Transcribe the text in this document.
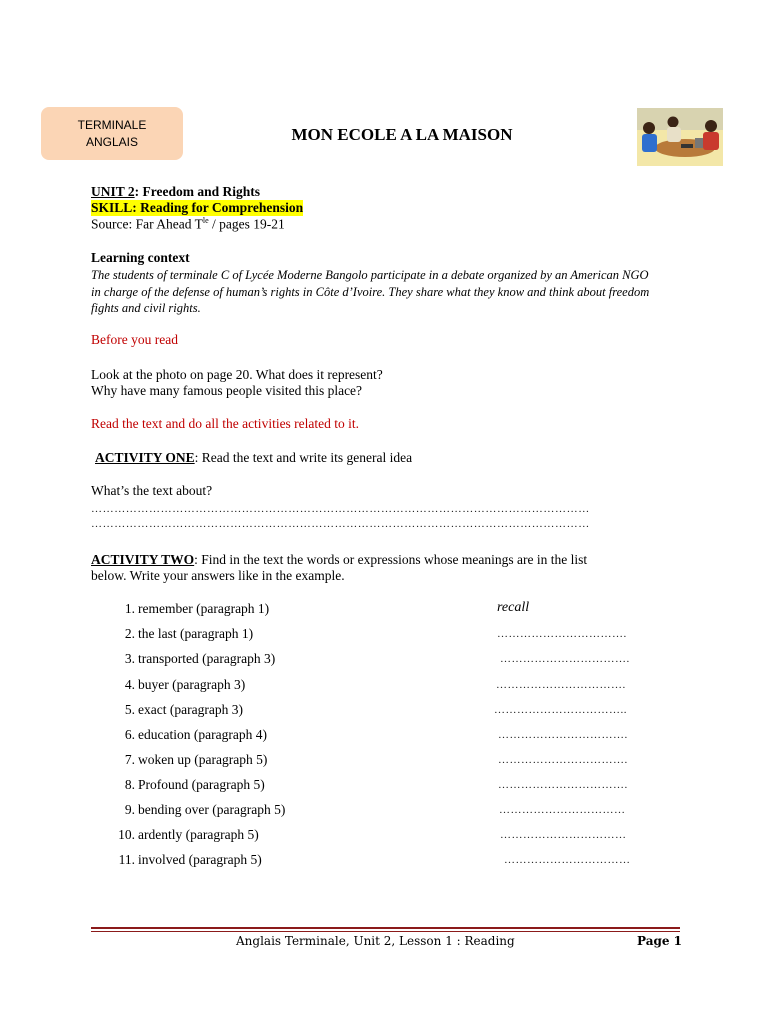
TERMINALE
ANGLAIS	MON ECOLE A LA MAISON
UNIT 2: Freedom and Rights
SKILL: Reading for Comprehension
Source: Far Ahead $T^{le}$ / pages 19-21
Learning context
The students of terminale C of Lycée Moderne Bangolo participate in a debate organized by an American NGO in charge of the defense of human’s rights in Côte d’Ivoire. They share what they know and think about freedom fights and civil rights.
Before you read
Look at the photo on page 20. What does it represent?
Why have many famous people visited this place?
Read the text and do all the activities related to it.
ACTIVITY ONE: Read the text and write its general idea
What’s the text about?
…………………………………………………………………………………………………………………
…………………………………………………………………………………………………………………
ACTIVITY TWO: Find in the text the words or expressions whose meanings are in the list
below. Write your answers like in the example.
1. remember (paragraph 1)	recall
2. the last (paragraph 1)	…………………………….
3. transported (paragraph 3)	…………………………….
4. buyer (paragraph 3)	…………………………….
5. exact (paragraph 3)	……………………………..
6. education (paragraph 4)	…………………………….
7. woken up (paragraph 5)	…………………………….
8. Profound (paragraph 5)	…………………………….
9. bending over (paragraph 5)	……………………………
10. ardently (paragraph 5)	……………………………
11. involved (paragraph 5)	……………………………
Anglais Terminale, Unit 2, Lesson 1 : Reading	Page 1
